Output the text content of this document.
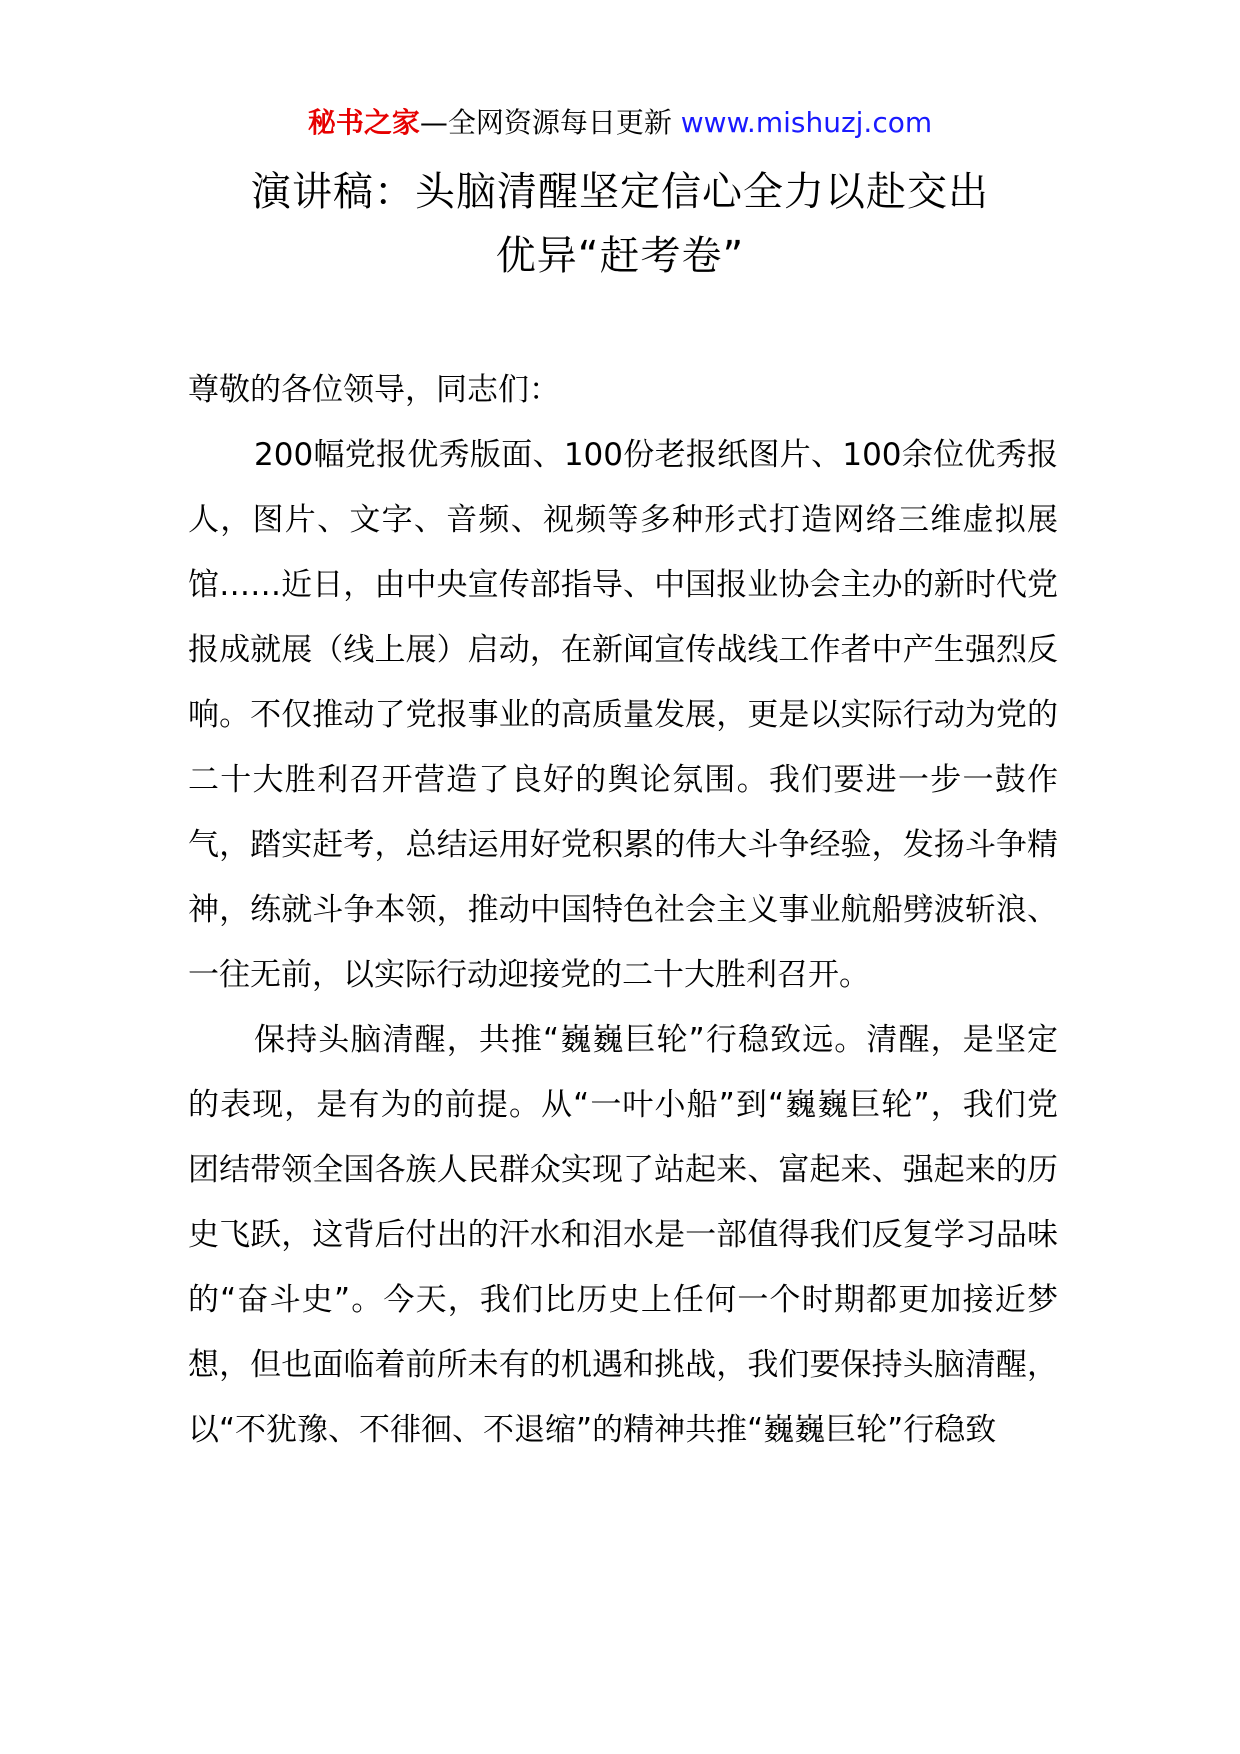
秘书之家—全网资源每日更新 www.mishuzj.com
演讲稿：头脑清醒坚定信心全力以赴交出
优异“赶考卷”

尊敬的各位领导，同志们：

200幅党报优秀版面、100份老报纸图片、100余位优秀报人，图片、文字、音频、视频等多种形式打造网络三维虚拟展馆……近日，由中央宣传部指导、中国报业协会主办的新时代党报成就展（线上展）启动，在新闻宣传战线工作者中产生强烈反响。不仅推动了党报事业的高质量发展，更是以实际行动为党的二十大胜利召开营造了良好的舆论氛围。我们要进一步一鼓作气，踏实赶考，总结运用好党积累的伟大斗争经验，发扬斗争精神，练就斗争本领，推动中国特色社会主义事业航船劈波斩浪、一往无前，以实际行动迎接党的二十大胜利召开。

保持头脑清醒，共推“巍巍巨轮”行稳致远。清醒，是坚定的表现，是有为的前提。从“一叶小船”到“巍巍巨轮”，我们党团结带领全国各族人民群众实现了站起来、富起来、强起来的历史飞跃，这背后付出的汗水和泪水是一部值得我们反复学习品味的“奋斗史”。今天，我们比历史上任何一个时期都更加接近梦想，但也面临着前所未有的机遇和挑战，我们要保持头脑清醒，以“不犹豫、不徘徊、不退缩”的精神共推“巍巍巨轮”行稳致
